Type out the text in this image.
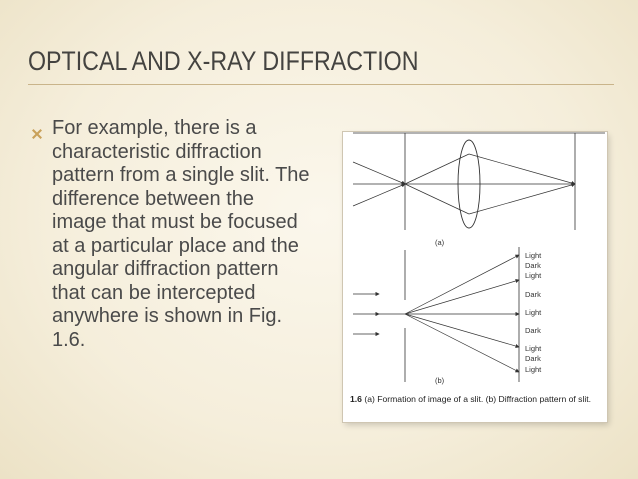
OPTICAL AND X-RAY DIFFRACTION
For example, there is a characteristic diffraction pattern from a single slit. The difference between the image that must be focused at a particular place and the angular diffraction pattern that can be intercepted anywhere is shown in Fig. 1.6.
(a)
(b)
Light
Dark
Light
Dark
Light
Dark
Light
Dark
Light
1.6 (a) Formation of image of a slit. (b) Diffraction pattern of slit.
